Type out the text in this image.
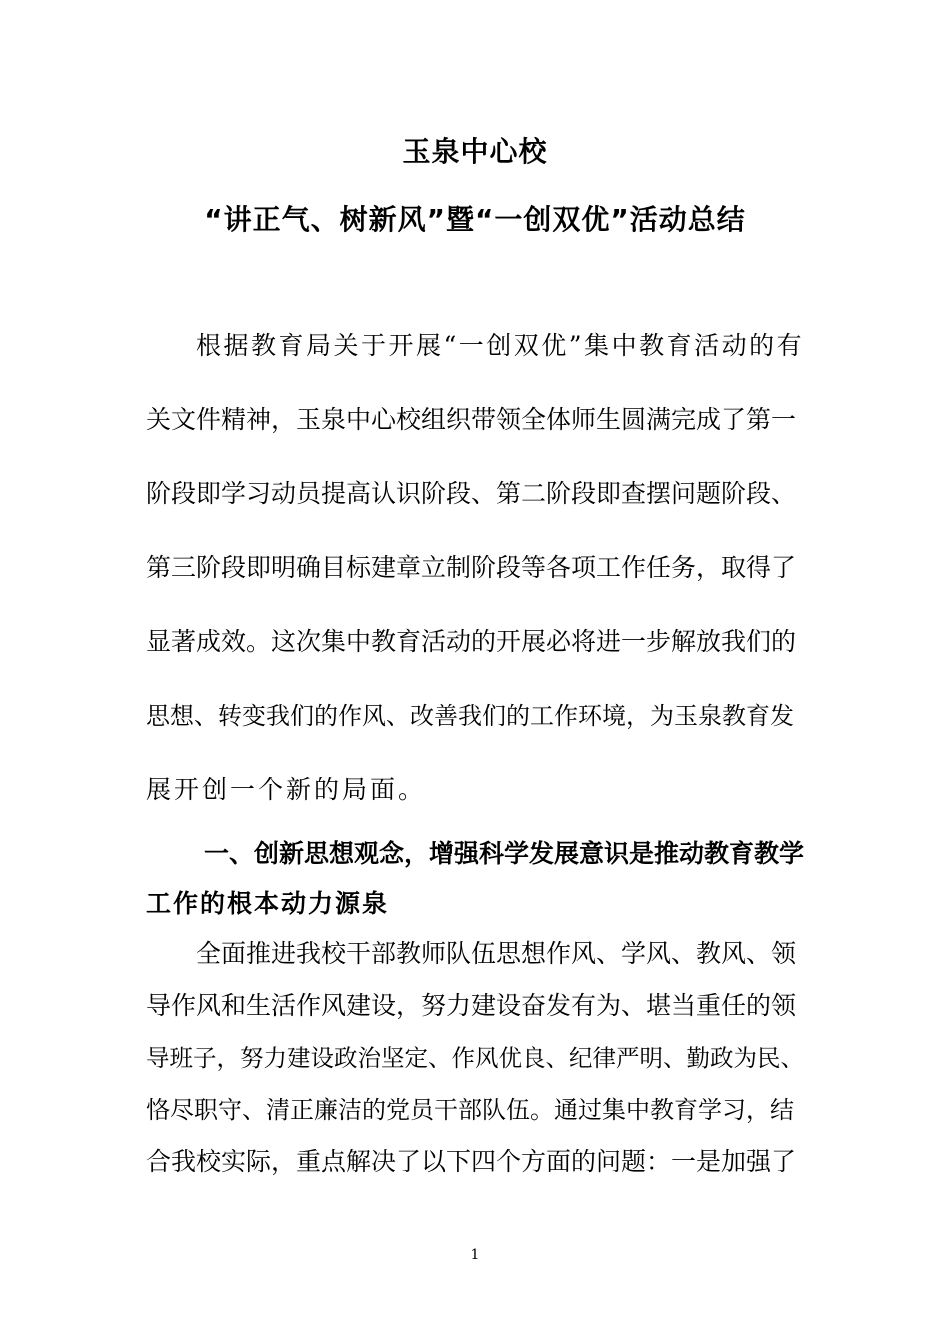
玉泉中心校
“讲正气、树新风”暨“一创双优”活动总结
根据教育局关于开展“一创双优”集中教育活动的有
关文件精神，玉泉中心校组织带领全体师生圆满完成了第一
阶段即学习动员提高认识阶段、第二阶段即查摆问题阶段、
第三阶段即明确目标建章立制阶段等各项工作任务，取得了
显著成效。这次集中教育活动的开展必将进一步解放我们的
思想、转变我们的作风、改善我们的工作环境，为玉泉教育发
展开创一个新的局面。
一、创新思想观念，增强科学发展意识是推动教育教学
工作的根本动力源泉
全面推进我校干部教师队伍思想作风、学风、教风、领
导作风和生活作风建设，努力建设奋发有为、堪当重任的领
导班子，努力建设政治坚定、作风优良、纪律严明、勤政为民、
恪尽职守、清正廉洁的党员干部队伍。通过集中教育学习，结
合我校实际，重点解决了以下四个方面的问题：一是加强了
1
